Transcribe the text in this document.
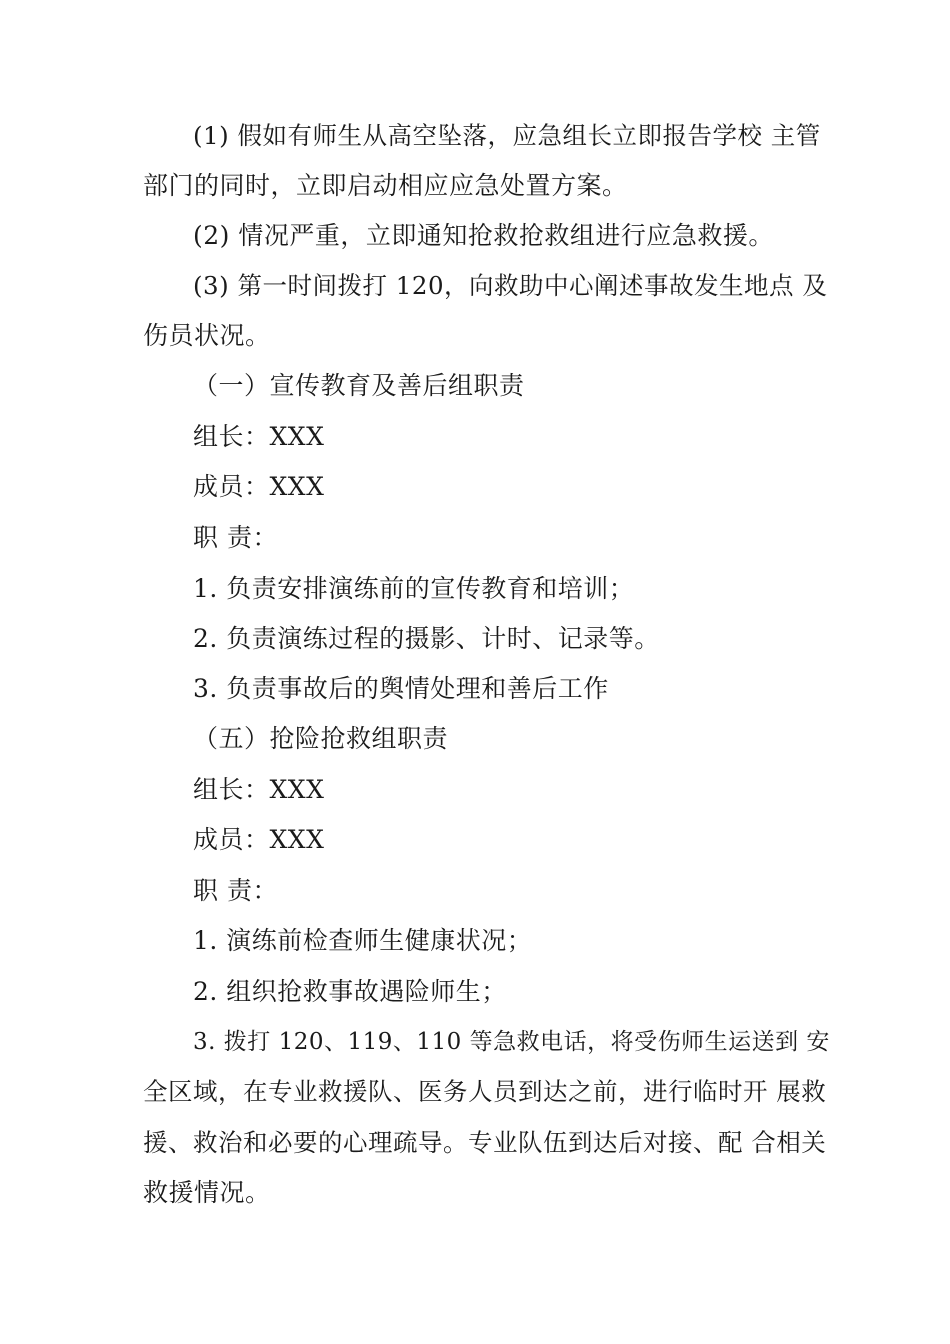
(1) 假如有师生从高空坠落，应急组长立即报告学校 主管
部门的同时，立即启动相应应急处置方案。
(2) 情况严重，立即通知抢救抢救组进行应急救援。
(3) 第一时间拨打 120，向救助中心阐述事故发生地点 及
伤员状况。
（一）宣传教育及善后组职责
组长：XXX
成员：XXX
职 责：
1. 负责安排演练前的宣传教育和培训；
2. 负责演练过程的摄影、计时、记录等。
3. 负责事故后的舆情处理和善后工作
（五）抢险抢救组职责
组长：XXX
成员：XXX
职 责：
1. 演练前检查师生健康状况；
2. 组织抢救事故遇险师生；
3. 拨打 120、119、110 等急救电话，将受伤师生运送到 安
全区域，在专业救援队、医务人员到达之前，进行临时开 展救
援、救治和必要的心理疏导。专业队伍到达后对接、配 合相关
救援情况。
